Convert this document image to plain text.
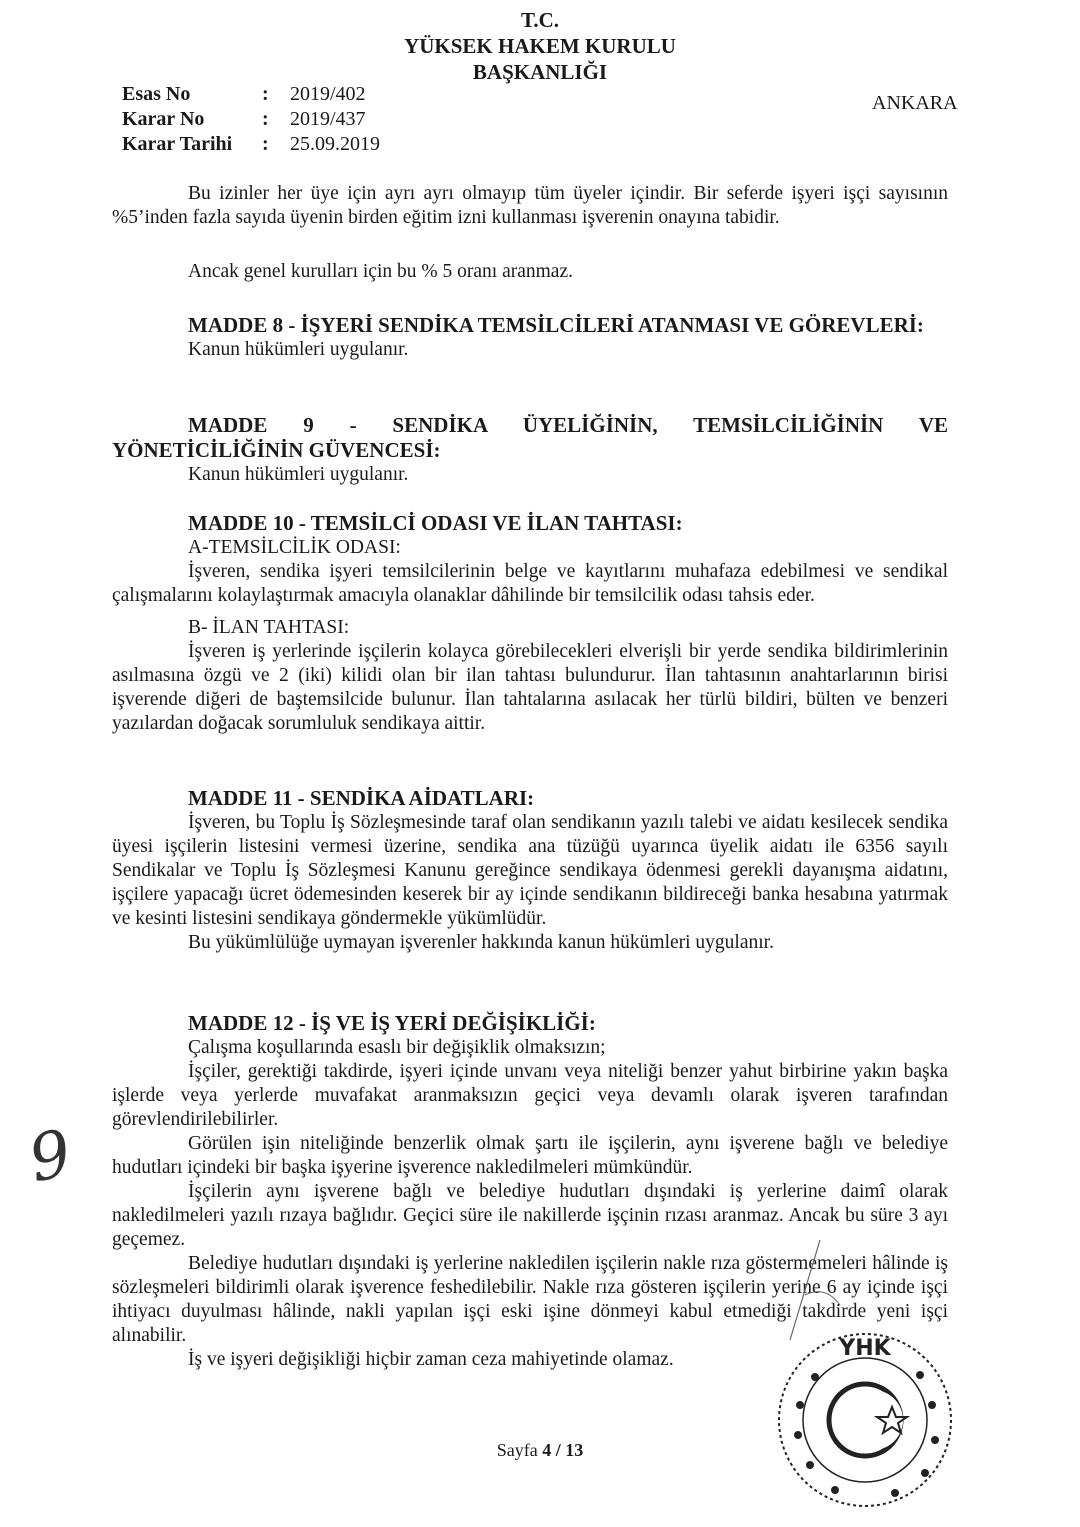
T.C.
YÜKSEK HAKEM KURULU
BAŞKANLIĞI
ANKARA
Esas No	: 2019/402
Karar No	: 2019/437
Karar Tarihi : 25.09.2019

Bu izinler her üye için ayrı ayrı olmayıp tüm üyeler içindir. Bir seferde işyeri işçi sayısının %5’inden fazla sayıda üyenin birden eğitim izni kullanması işverenin onayına tabidir.

Ancak genel kurulları için bu % 5 oranı aranmaz.

MADDE 8 - İŞYERİ SENDİKA TEMSİLCİLERİ ATANMASI VE GÖREVLERİ:

Kanun hükümleri uygulanır.

MADDE 9 - SENDİKA ÜYELİĞİNİN, TEMSİLCİLİĞİNİN VE YÖNETİCİLİĞİNİN GÜVENCESİ:

Kanun hükümleri uygulanır.

MADDE 10 - TEMSİLCİ ODASI VE İLAN TAHTASI:

A-TEMSİLCİLİK ODASI:

İşveren, sendika işyeri temsilcilerinin belge ve kayıtlarını muhafaza edebilmesi ve sendikal çalışmalarını kolaylaştırmak amacıyla olanaklar dâhilinde bir temsilcilik odası tahsis eder.

B- İLAN TAHTASI:

İşveren iş yerlerinde işçilerin kolayca görebilecekleri elverişli bir yerde sendika bildirimlerinin asılmasına özgü ve 2 (iki) kilidi olan bir ilan tahtası bulundurur. İlan tahtasının anahtarlarının birisi işverende diğeri de baştemsilcide bulunur. İlan tahtalarına asılacak her türlü bildiri, bülten ve benzeri yazılardan doğacak sorumluluk sendikaya aittir.

MADDE 11 - SENDİKA AİDATLARI:

İşveren, bu Toplu İş Sözleşmesinde taraf olan sendikanın yazılı talebi ve aidatı kesilecek sendika üyesi işçilerin listesini vermesi üzerine, sendika ana tüzüğü uyarınca üyelik aidatı ile 6356 sayılı Sendikalar ve Toplu İş Sözleşmesi Kanunu gereğince sendikaya ödenmesi gerekli dayanışma aidatını, işçilere yapacağı ücret ödemesinden keserek bir ay içinde sendikanın bildireceği banka hesabına yatırmak ve kesinti listesini sendikaya göndermekle yükümlüdür.

Bu yükümlülüğe uymayan işverenler hakkında kanun hükümleri uygulanır.

MADDE 12 - İŞ VE İŞ YERİ DEĞİŞİKLİĞİ:

Çalışma koşullarında esaslı bir değişiklik olmaksızın;

İşçiler, gerektiği takdirde, işyeri içinde unvanı veya niteliği benzer yahut birbirine yakın başka işlerde veya yerlerde muvafakat aranmaksızın geçici veya devamlı olarak işveren tarafından görevlendirilebilirler.

Görülen işin niteliğinde benzerlik olmak şartı ile işçilerin, aynı işverene bağlı ve belediye hudutları içindeki bir başka işyerine işverence nakledilmeleri mümkündür.

İşçilerin aynı işverene bağlı ve belediye hudutları dışındaki iş yerlerine daimî olarak nakledilmeleri yazılı rızaya bağlıdır. Geçici süre ile nakillerde işçinin rızası aranmaz. Ancak bu süre 3 ayı geçemez.

Belediye hudutları dışındaki iş yerlerine nakledilen işçilerin nakle rıza göstermemeleri hâlinde iş sözleşmeleri bildirimli olarak işverence feshedilebilir. Nakle rıza gösteren işçilerin yerine 6 ay içinde işçi ihtiyacı duyulması hâlinde, nakli yapılan işçi eski işine dönmeyi kabul etmediği takdirde yeni işçi alınabilir.

İş ve işyeri değişikliği hiçbir zaman ceza mahiyetinde olamaz.

9
Sayfa 4 / 13
YHK
